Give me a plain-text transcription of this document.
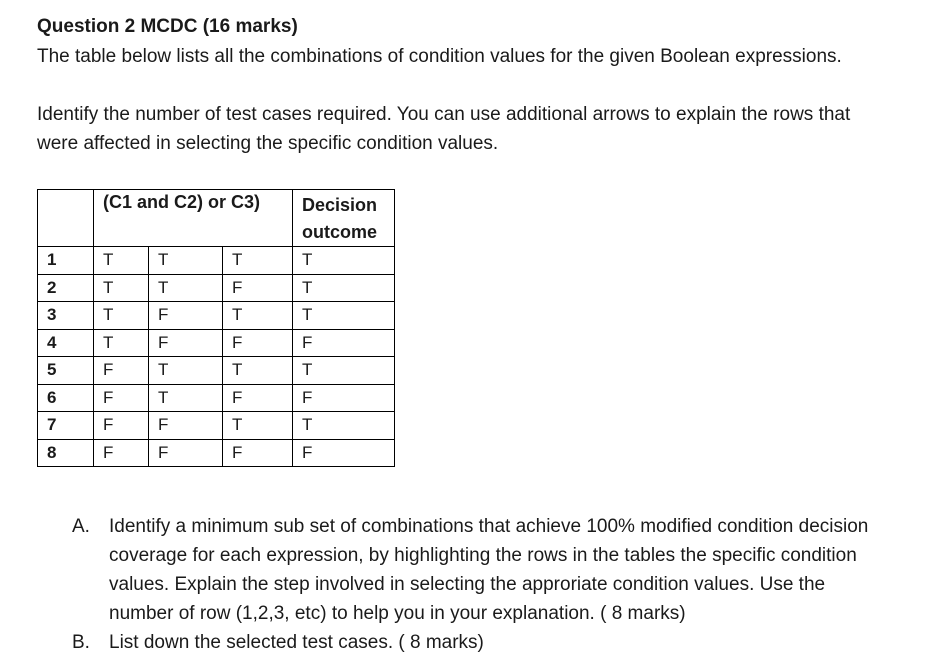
Question 2 MCDC (16 marks)
The table below lists all the combinations of condition values for the given Boolean expressions.
Identify the number of test cases required. You can use additional arrows to explain the rows that
were affected in selecting the specific condition values.
	(C1 and C2) or C3)			Decision
outcome

1	T	T	T	T
2	T	T	F	T
3	T	F	T	T
4	T	F	F	F
5	F	T	T	T
6	F	T	F	F
7	F	F	T	T
8	F	F	F	F
A. Identify a minimum sub set of combinations that achieve 100% modified condition decision
coverage for each expression, by highlighting the rows in the tables the specific condition
values. Explain the step involved in selecting the approriate condition values. Use the
number of row (1,2,3, etc) to help you in your explanation. ( 8 marks)
B. List down the selected test cases. ( 8 marks)
